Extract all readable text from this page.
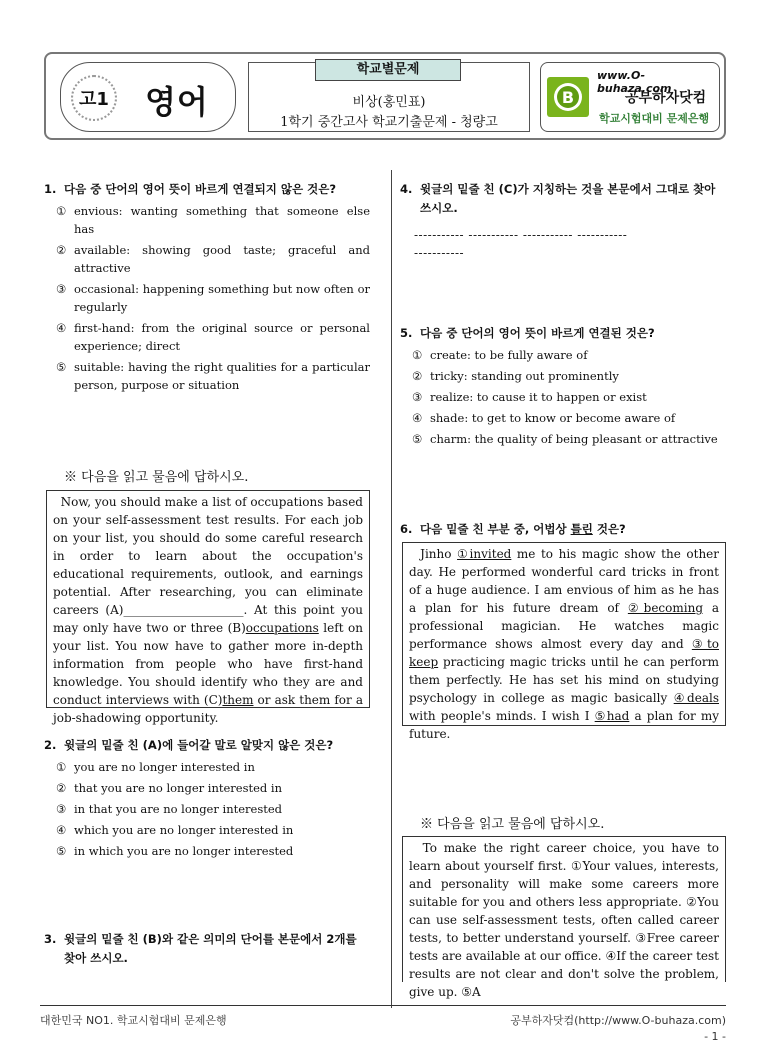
고1 영어
학교별문제
비상(홍민표)
1학기 중간고사 학교기출문제 - 청량고
B
www.O-buhaza.com
공부하자닷컴
학교시험대비 문제은행
1. 다음 중 단어의 영어 뜻이 바르게 연결되지 않은 것은?
① envious: wanting something that someone else has
② available: showing good taste; graceful and attractive
③ occasional: happening something but now often or regularly
④ first-hand: from the original source or personal experience; direct
⑤ suitable: having the right qualities for a particular person, purpose or situation
※ 다음을 읽고 물음에 답하시오.

Now, you should make a list of occupations based on your self-assessment test results. For each job on your list, you should do some careful research in order to learn about the occupation's educational requirements, outlook, and earnings potential. After researching, you can eliminate careers (A)____________________. At this point you may only have two or three (B)occupations left on your list. You now have to gather more in-depth information from people who have first-hand knowledge. You should identify who they are and conduct interviews with (C)them or ask them for a job-shadowing opportunity.

2. 윗글의 밑줄 친 (A)에 들어갈 말로 알맞지 않은 것은?
① you are no longer interested in
② that you are no longer interested in
③ in that you are no longer interested
④ which you are no longer interested in
⑤ in which you are no longer interested
3. 윗글의 밑줄 친 (B)와 같은 의미의 단어를 본문에서 2개를 찾아 쓰시오.
4. 윗글의 밑줄 친 (C)가 지칭하는 것을 본문에서 그대로 찾아 쓰시오.
----------- ----------- ----------- -----------
-----------
5. 다음 중 단어의 영어 뜻이 바르게 연결된 것은?
① create: to be fully aware of
② tricky: standing out prominently
③ realize: to cause it to happen or exist
④ shade: to get to know or become aware of
⑤ charm: the quality of being pleasant or attractive
6. 다음 밑줄 친 부분 중, 어법상 틀린 것은?

Jinho ①invited me to his magic show the other day. He performed wonderful card tricks in front of a huge audience. I am envious of him as he has a plan for his future dream of ②becoming a professional magician. He watches magic performance shows almost every day and ③to keep practicing magic tricks until he can perform them perfectly. He has set his mind on studying psychology in college as magic basically ④deals with people's minds. I wish I ⑤had a plan for my future.

※ 다음을 읽고 물음에 답하시오.

To make the right career choice, you have to learn about yourself first. ①Your values, interests, and personality will make some careers more suitable for you and others less appropriate. ②You can use self-assessment tests, often called career tests, to better understand yourself. ③Free career tests are available at our office. ④If the career test results are not clear and don't solve the problem, give up. ⑤A

대한민국 NO1. 학교시험대비 문제은행	공부하자닷컴(http://www.O-buhaza.com)
- 1 -
